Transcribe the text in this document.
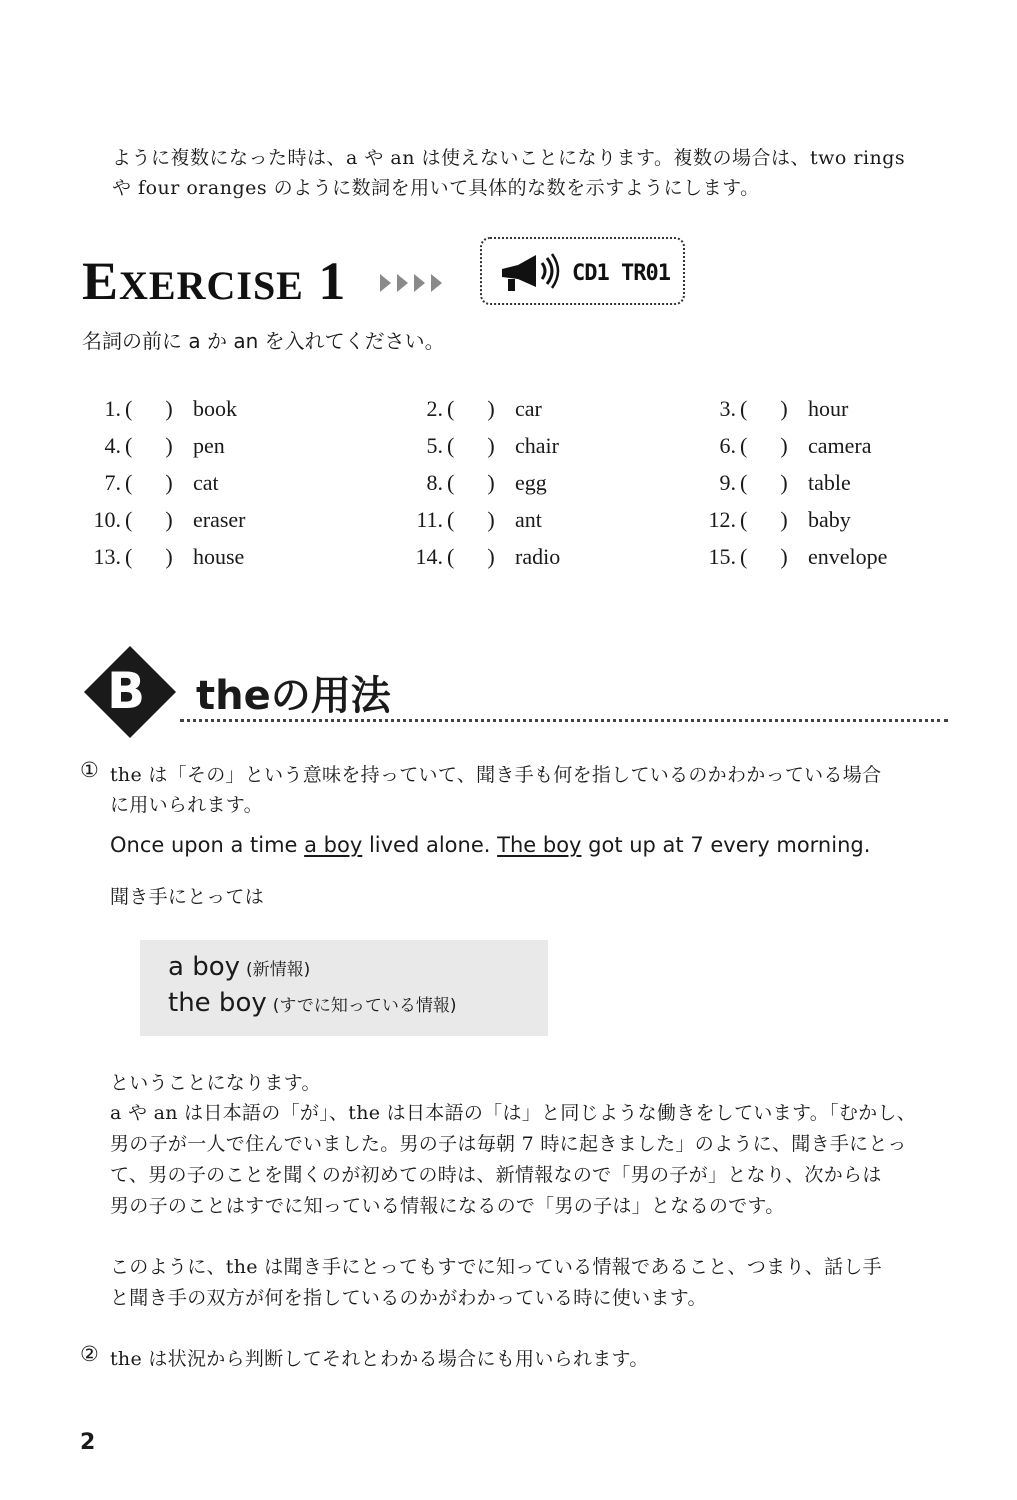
ように複数になった時は、a や an は使えないことになります。複数の場合は、two rings
や four oranges のように数詞を用いて具体的な数を示すようにします。
EXERCISE 1	CD1 TR01
名詞の前に a か an を入れてください。
1. (      ) book	2. (      ) car	3. (      ) hour
4. (      ) pen	5. (      ) chair	6. (      ) camera
7. (      ) cat	8. (      ) egg	9. (      ) table
10. (      ) eraser	11. (      ) ant	12. (      ) baby
13. (      ) house	14. (      ) radio	15. (      ) envelope
B theの用法
① the は「その」という意味を持っていて、聞き手も何を指しているのかわかっている場合
に用いられます。
Once upon a time a boy lived alone. The boy got up at 7 every morning.
聞き手にとっては
a boy (新情報)
the boy (すでに知っている情報)
ということになります。
a や an は日本語の「が」、the は日本語の「は」と同じような働きをしています。「むかし、
男の子が一人で住んでいました。男の子は毎朝 7 時に起きました」のように、聞き手にとっ
て、男の子のことを聞くのが初めての時は、新情報なので「男の子が」となり、次からは
男の子のことはすでに知っている情報になるので「男の子は」となるのです。
このように、the は聞き手にとってもすでに知っている情報であること、つまり、話し手
と聞き手の双方が何を指しているのかがわかっている時に使います。
② the は状況から判断してそれとわかる場合にも用いられます。
2
